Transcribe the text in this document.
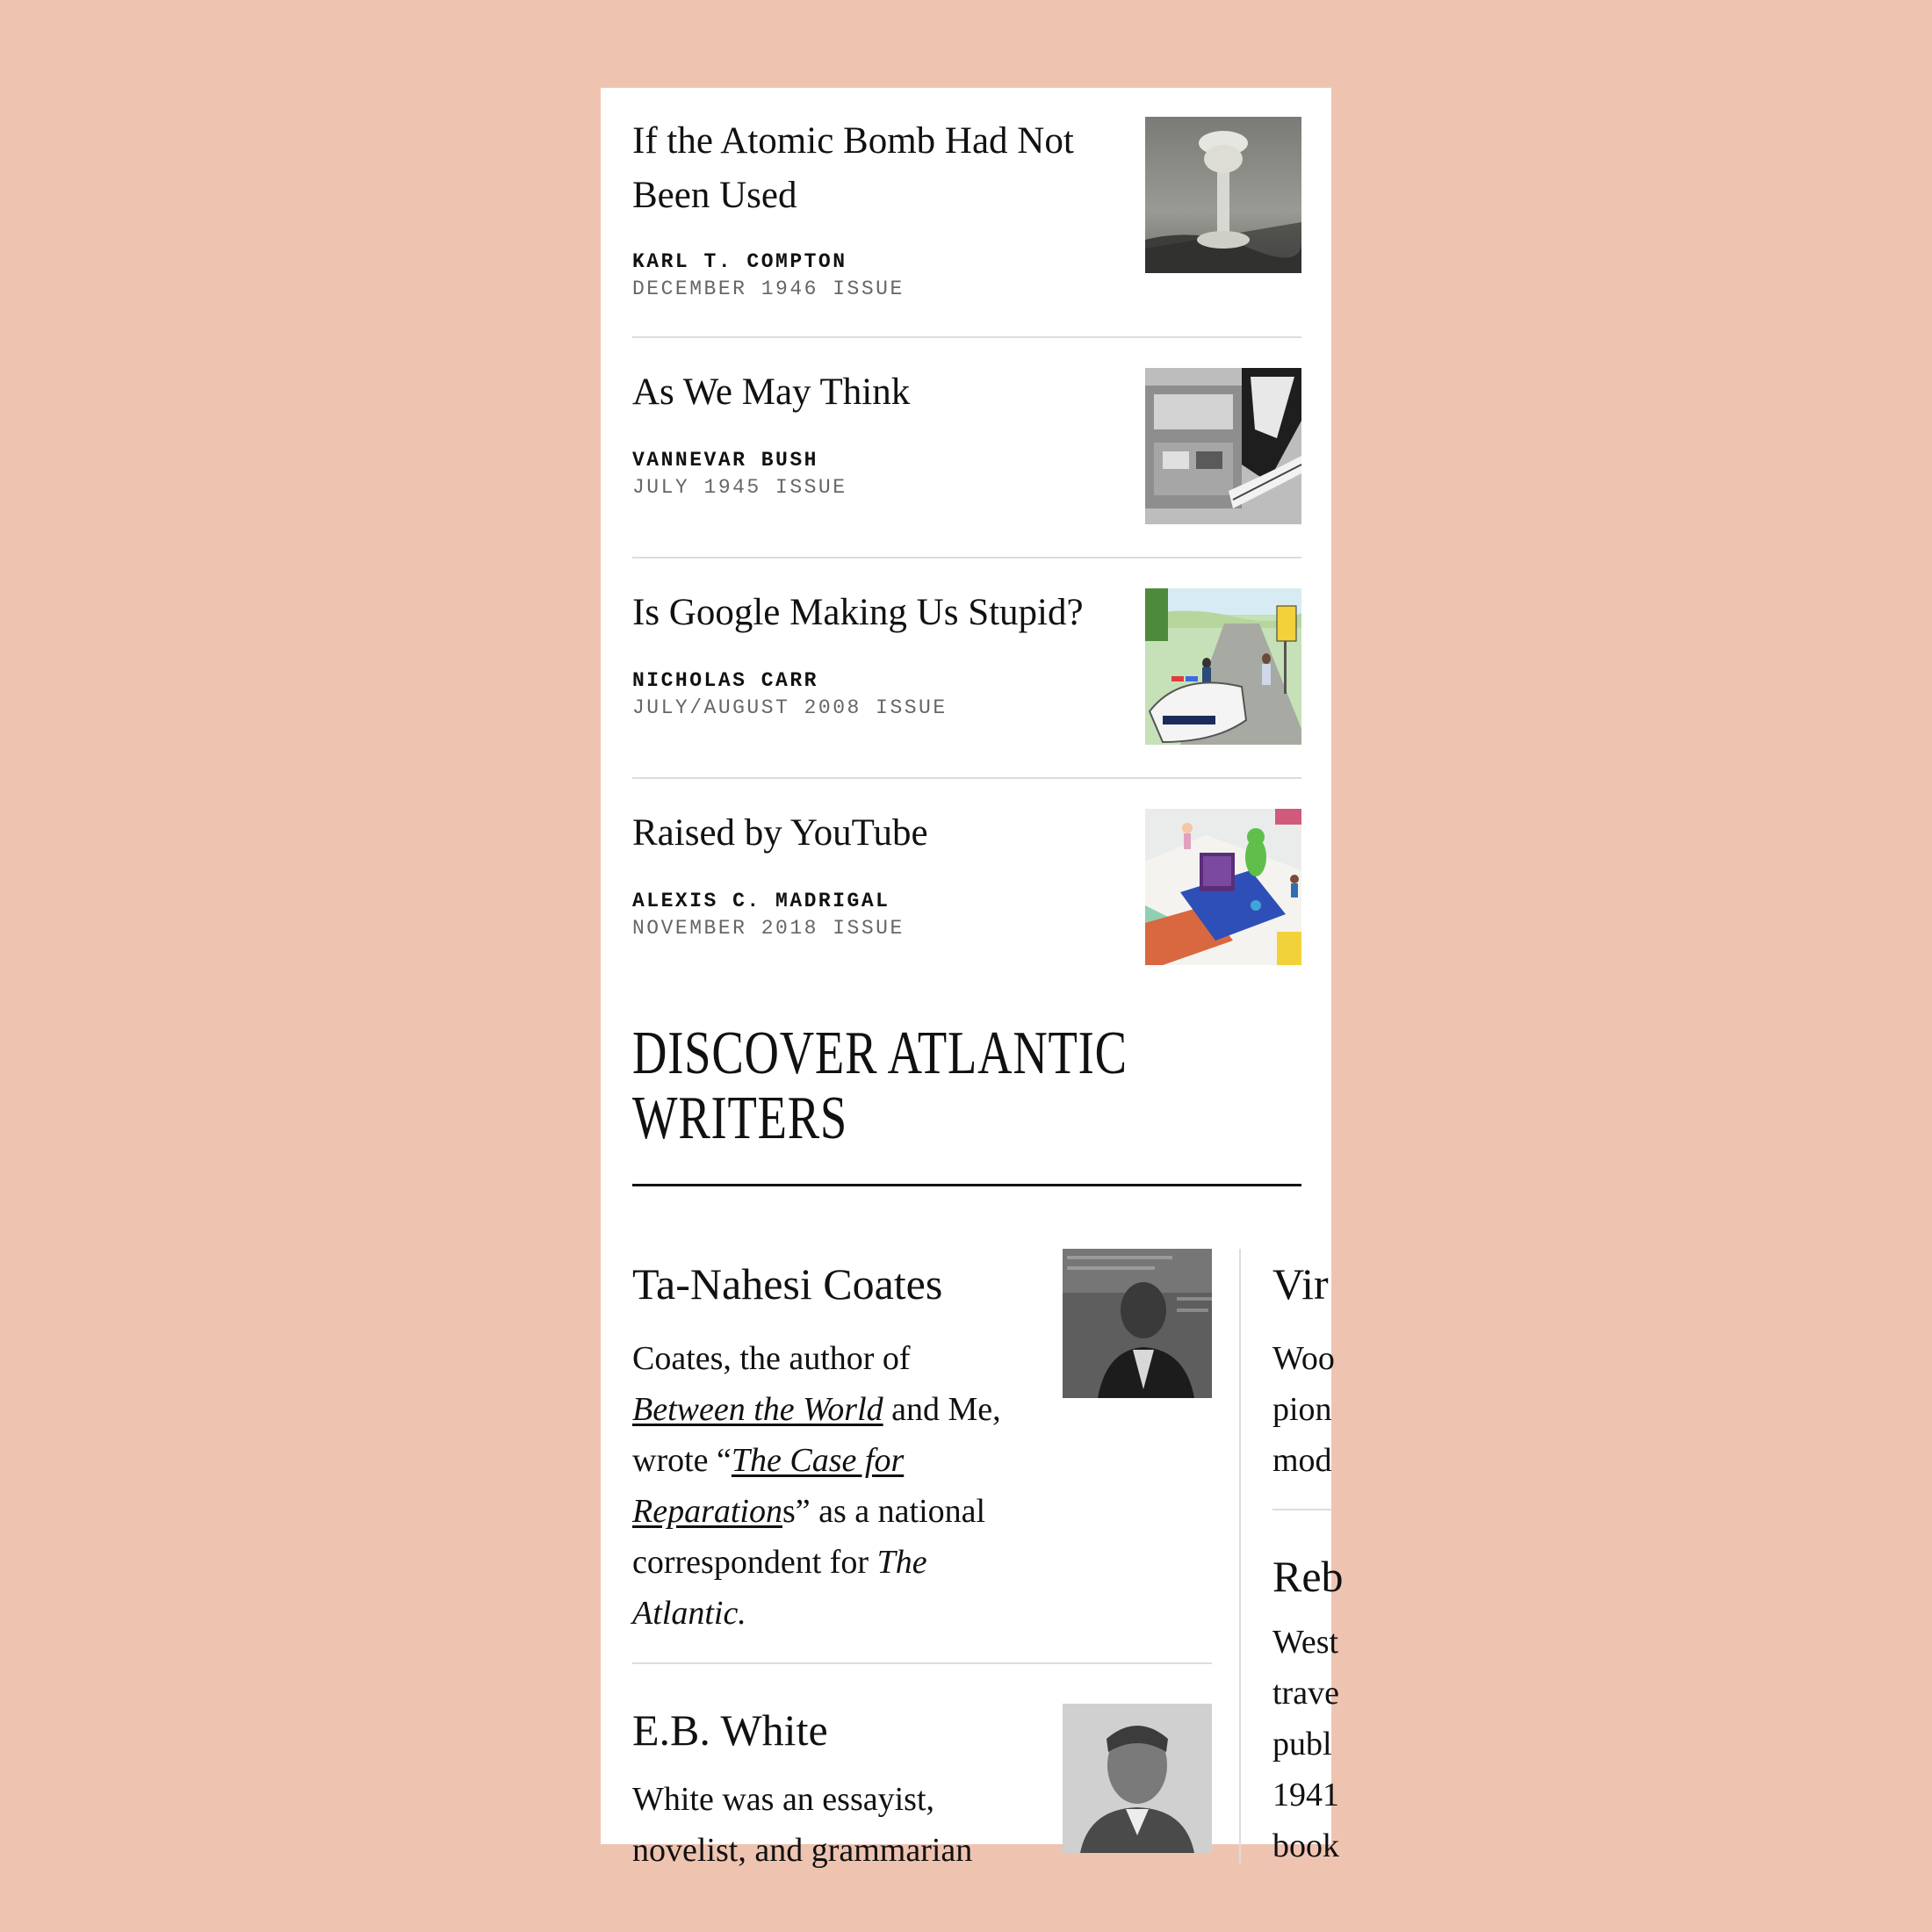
If the Atomic Bomb Had Not Been Used
KARL T. COMPTON
DECEMBER 1946 ISSUE
As We May Think
VANNEVAR BUSH
JULY 1945 ISSUE
Is Google Making Us Stupid?
NICHOLAS CARR
JULY/AUGUST 2008 ISSUE
Raised by YouTube
ALEXIS C. MADRIGAL
NOVEMBER 2018 ISSUE
DISCOVER ATLANTIC
WRITERS
Ta-Nahesi Coates
Coates, the author of
Between the World and Me,
wrote “The Case for
Reparations” as a national
correspondent for The
Atlantic.
E.B. White
White was an essayist,
novelist, and grammarian
Vir
Woo
pion
mod
Reb
West
trave
publ
1941
book
